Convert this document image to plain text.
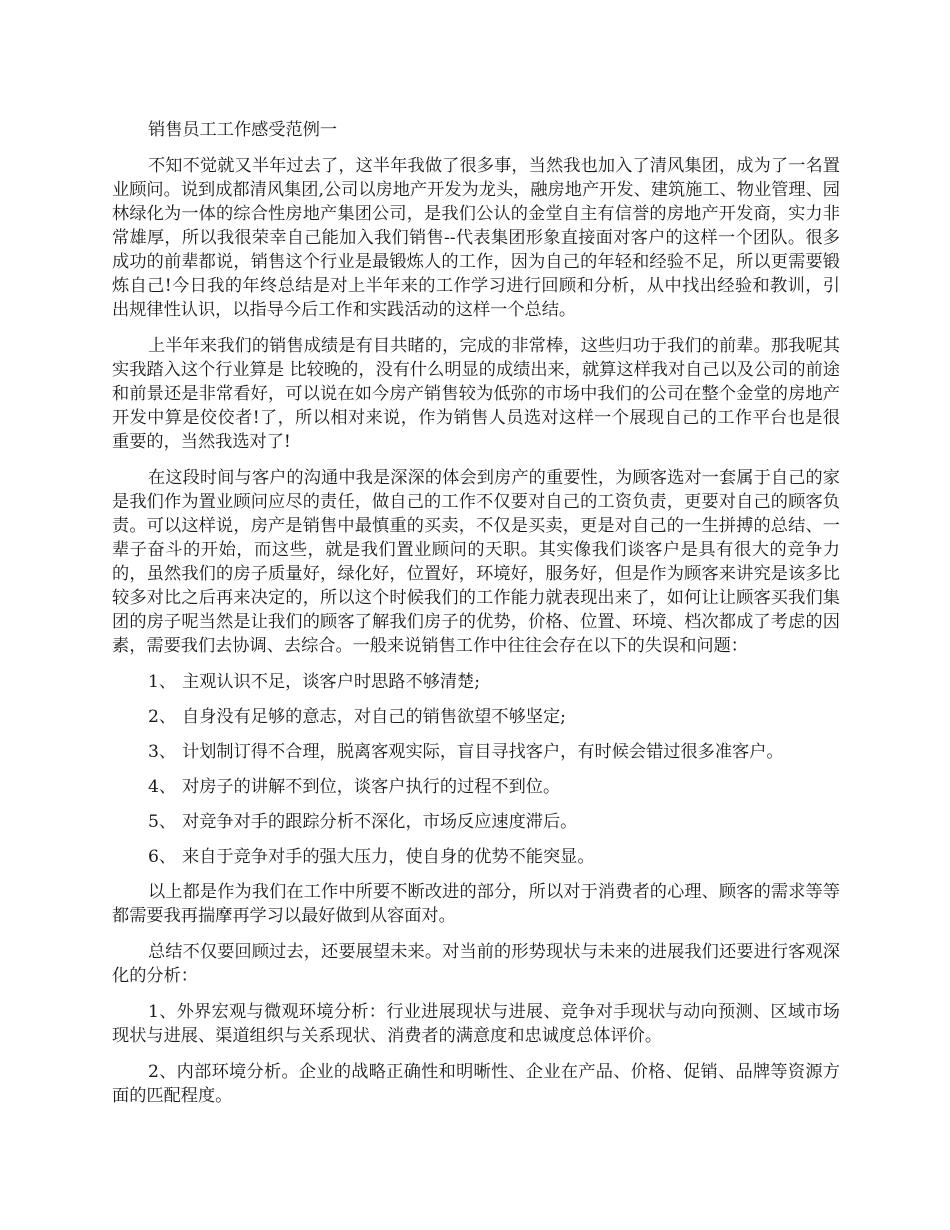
销售员工工作感受范例一

不知不觉就又半年过去了，这半年我做了很多事，当然我也加入了清风集团，成为了一名置业顾问。说到成都清风集团,公司以房地产开发为龙头，融房地产开发、建筑施工、物业管理、园林绿化为一体的综合性房地产集团公司，是我们公认的金堂自主有信誉的房地产开发商，实力非常雄厚，所以我很荣幸自己能加入我们销售--代表集团形象直接面对客户的这样一个团队。很多成功的前辈都说，销售这个行业是最锻炼人的工作，因为自己的年轻和经验不足，所以更需要锻炼自己!今日我的年终总结是对上半年来的工作学习进行回顾和分析，从中找出经验和教训，引出规律性认识，以指导今后工作和实践活动的这样一个总结。

上半年来我们的销售成绩是有目共睹的，完成的非常棒，这些归功于我们的前辈。那我呢其实我踏入这个行业算是 比较晚的，没有什么明显的成绩出来，就算这样我对自己以及公司的前途和前景还是非常看好，可以说在如今房产销售较为低弥的市场中我们的公司在整个金堂的房地产开发中算是佼佼者!了，所以相对来说，作为销售人员选对这样一个展现自己的工作平台也是很重要的，当然我选对了!

在这段时间与客户的沟通中我是深深的体会到房产的重要性，为顾客选对一套属于自己的家是我们作为置业顾问应尽的责任，做自己的工作不仅要对自己的工资负责，更要对自己的顾客负责。可以这样说，房产是销售中最慎重的买卖，不仅是买卖，更是对自己的一生拼搏的总结、一辈子奋斗的开始，而这些，就是我们置业顾问的天职。其实像我们谈客户是具有很大的竞争力的，虽然我们的房子质量好，绿化好，位置好，环境好，服务好，但是作为顾客来讲究是该多比较多对比之后再来决定的，所以这个时候我们的工作能力就表现出来了，如何让让顾客买我们集团的房子呢当然是让我们的顾客了解我们房子的优势，价格、位置、环境、档次都成了考虑的因素，需要我们去协调、去综合。一般来说销售工作中往往会存在以下的失误和问题：

1、 主观认识不足，谈客户时思路不够清楚;
2、 自身没有足够的意志，对自己的销售欲望不够坚定;
3、 计划制订得不合理，脱离客观实际，盲目寻找客户，有时候会错过很多准客户。
4、 对房子的讲解不到位，谈客户执行的过程不到位。
5、 对竞争对手的跟踪分析不深化，市场反应速度滞后。
6、 来自于竞争对手的强大压力，使自身的优势不能突显。

以上都是作为我们在工作中所要不断改进的部分，所以对于消费者的心理、顾客的需求等等都需要我再揣摩再学习以最好做到从容面对。

总结不仅要回顾过去，还要展望未来。对当前的形势现状与未来的进展我们还要进行客观深化的分析：

1、外界宏观与微观环境分析：行业进展现状与进展、竞争对手现状与动向预测、区域市场现状与进展、渠道组织与关系现状、消费者的满意度和忠诚度总体评价。

2、内部环境分析。企业的战略正确性和明晰性、企业在产品、价格、促销、品牌等资源方面的匹配程度。
